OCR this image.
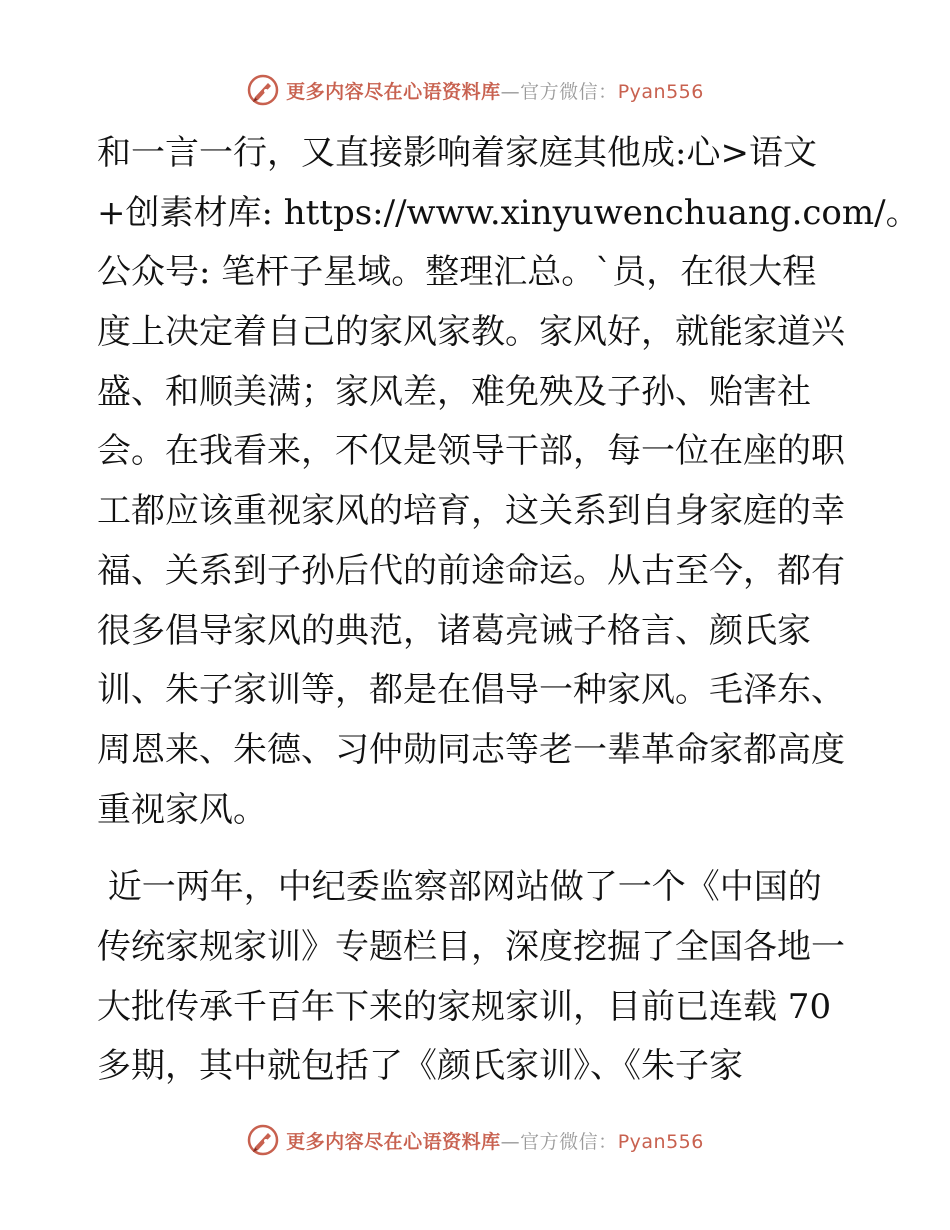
更多内容尽在心语资料库—官方微信：Pyan556
和一言一行，又直接影响着家庭其他成:心>语文
+创素材库: https://www.xinyuwenchuang.com/。
公众号: 笔杆子星域。整理汇总。`员，在很大程
度上决定着自己的家风家教。家风好，就能家道兴
盛、和顺美满；家风差，难免殃及子孙、贻害社
会。在我看来，不仅是领导干部，每一位在座的职
工都应该重视家风的培育，这关系到自身家庭的幸
福、关系到子孙后代的前途命运。从古至今，都有
很多倡导家风的典范，诸葛亮诫子格言、颜氏家
训、朱子家训等，都是在倡导一种家风。毛泽东、
周恩来、朱德、习仲勋同志等老一辈革命家都高度
重视家风。
近一两年，中纪委监察部网站做了一个《中国的
传统家规家训》专题栏目，深度挖掘了全国各地一
大批传承千百年下来的家规家训，目前已连载 70
多期，其中就包括了《颜氏家训》、《朱子家
更多内容尽在心语资料库—官方微信：Pyan556
